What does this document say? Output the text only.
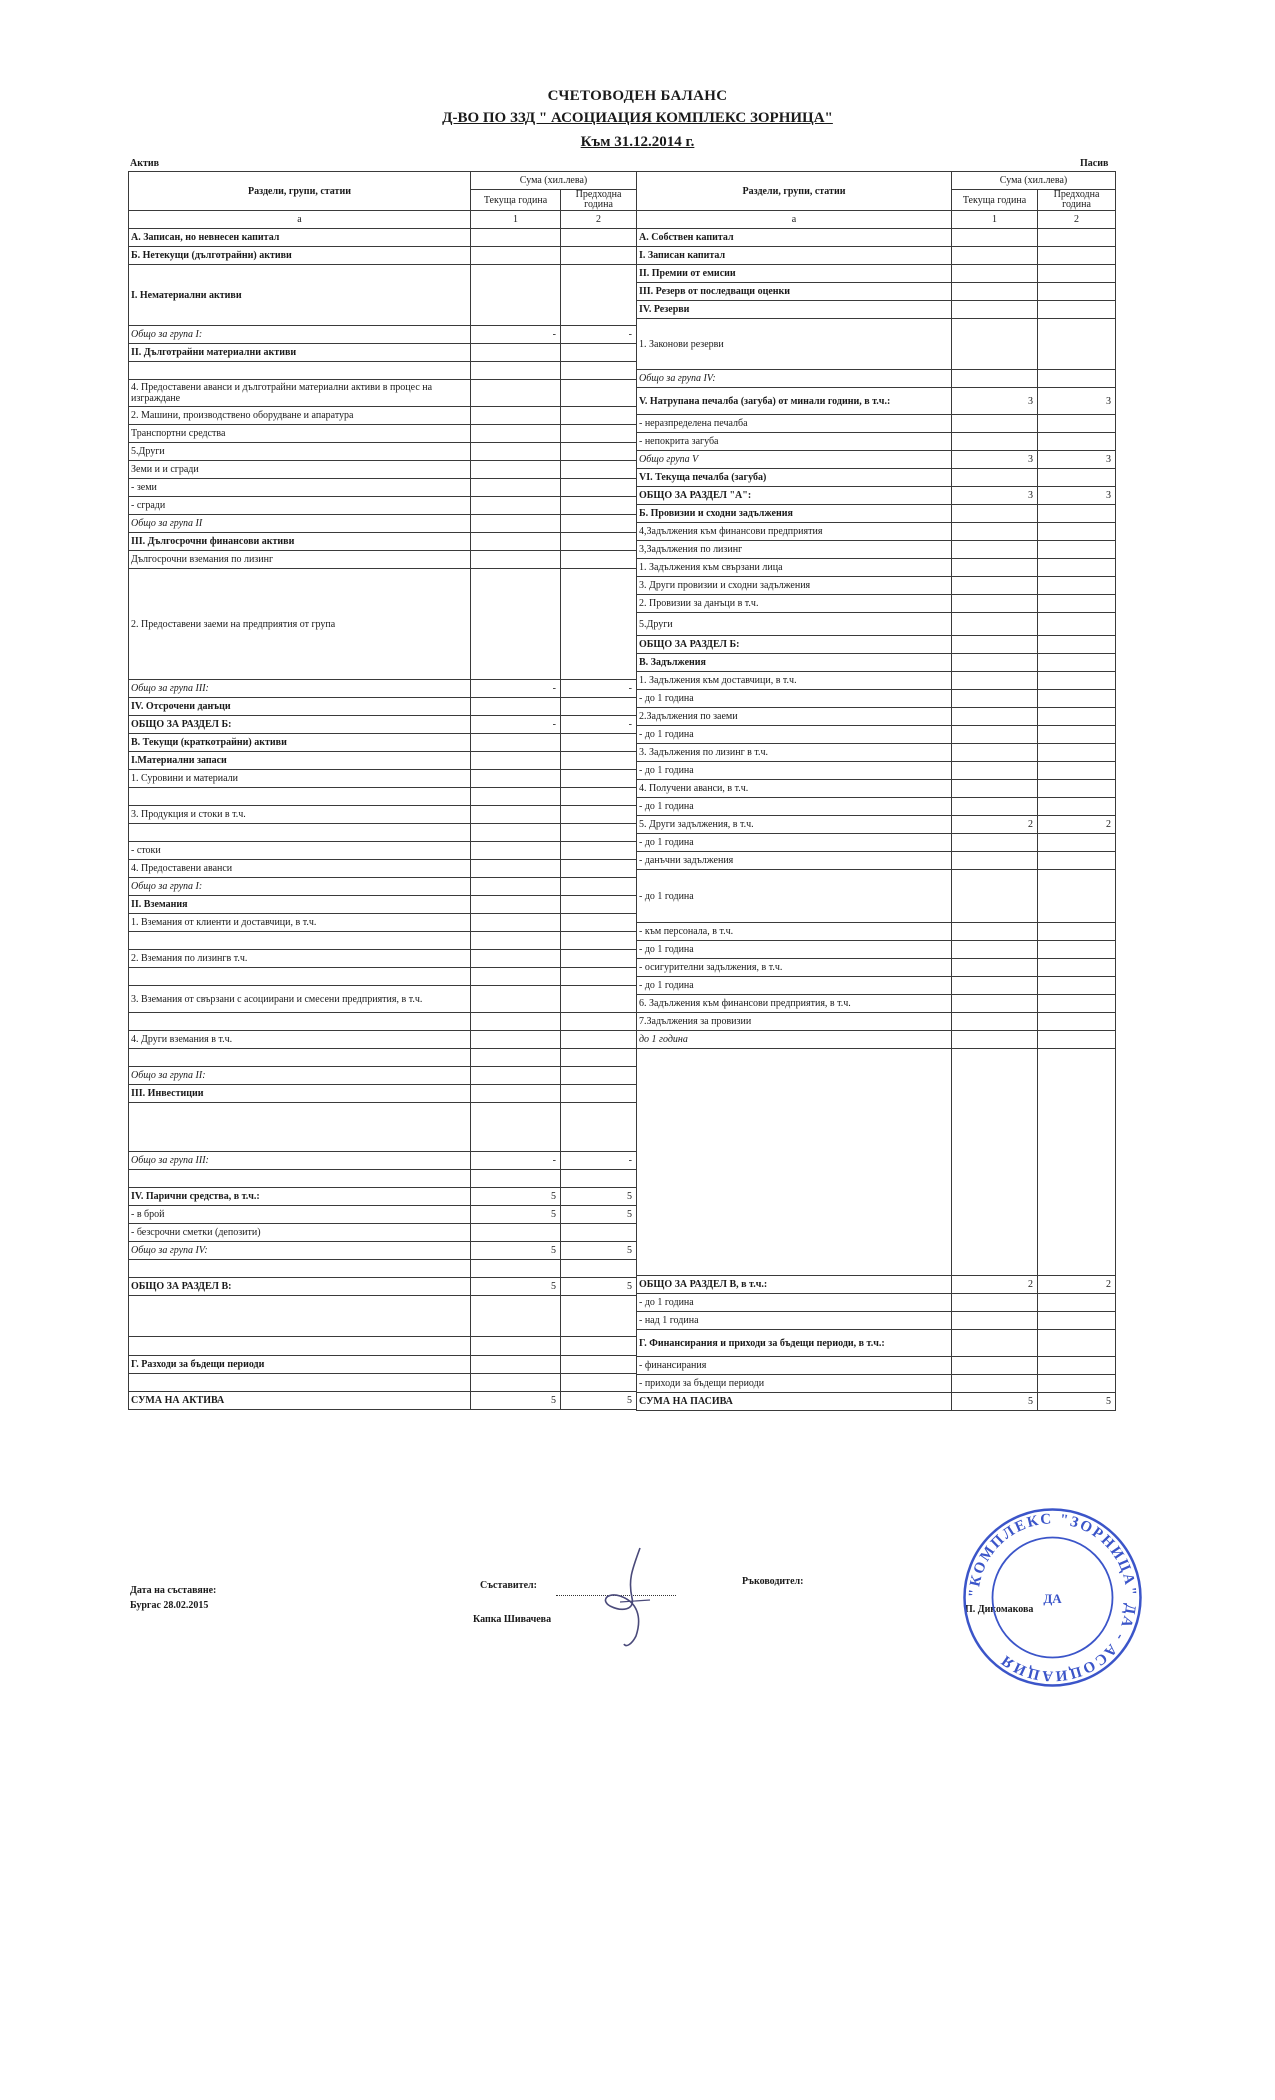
СЧЕТОВОДЕН БАЛАНС
Д-ВО ПО ЗЗД " АСОЦИАЦИЯ КОМПЛЕКС ЗОРНИЦА"
Към 31.12.2014 г.
Актив	Пасив
Раздели, групи, статии	Сума (хил.лева)	
	Текуща година	Предходна година
а	1	2
А. Записан, но невнесен капитал		
Б. Нетекущи (дълготрайни) активи		
I. Нематериални активи		
Общо за група I:	-	-
II. Дълготрайни материални активи		

4. Предоставени аванси и дълготрайни материални активи в процес на изграждане		
2. Машини, производствено оборудване и апаратура		
Транспортни средства		
5.Други		
Земи и и сгради		
- земи		
- сгради		
Общо за група II		
III. Дългосрочни финансови активи		
Дългосрочни вземания по лизинг		
2. Предоставени заеми на предприятия от група		
Общо за група III:	-	-
IV. Отсрочени данъци		
ОБЩО ЗА РАЗДЕЛ Б:	-	-
В. Текущи (краткотрайни) активи		
I.Материални запаси		
1. Суровини и материали		

3. Продукция и стоки в т.ч.		

- стоки		
4. Предоставени аванси		
Общо за група I:		
II. Вземания		
1. Вземания от клиенти и доставчици, в т.ч.		

2. Вземания по лизингв т.ч.		

3. Вземания от свързани с асоциирани и смесени предприятия, в т.ч.		

4. Други вземания в т.ч.		

Общо за група II:		
III. Инвестиции		

Общо за група III:	-	-

IV. Парични средства, в т.ч.:	5	5
- в брой	5	5
- безсрочни сметки (депозити)		
Общо за група IV:	5	5

ОБЩО ЗА РАЗДЕЛ В:	5	5

Г. Разходи за бъдещи периоди		

СУМА НА АКТИВА	5	5
Раздели, групи, статии	Сума (хил.лева)	
	Текуща година	Предходна година
а	1	2
А. Собствен капитал		
I. Записан капитал		
II. Премии от емисии		
III. Резерв от последващи оценки		
IV. Резерви		
1. Законови резерви		
Общо за група IV:		
V. Натрупана печалба (загуба) от минали години, в т.ч.:	3	3
- неразпределена печалба		
- непокрита загуба		
Общо група V	3	3
VI. Текуща печалба (загуба)		
ОБЩО ЗА РАЗДЕЛ "А":	3	3
Б. Провизии и сходни задължения		
4,Задължения към финансови предприятия		
3,Задължения по лизинг		
1. Задължения към свързани лица		
3. Други провизии и сходни задължения		
2. Провизии за данъци в т.ч.		
5.Други		
ОБЩО ЗА РАЗДЕЛ Б:		
В. Задължения		
1. Задължения към доставчици, в т.ч.		
- до 1 година		
2.Задължения по заеми		
- до 1 година		
3. Задължения по лизинг в т.ч.		
- до 1 година		
4. Получени аванси, в т.ч.		
- до 1 година		
5. Други задължения, в т.ч.	2	2
- до 1 година		
- данъчни задължения		
- до 1 година		
- към персонала, в т.ч.		
- до 1 година		
- осигурителни задължения, в т.ч.		
- до 1 година		
6. Задължения към финансови предприятия, в т.ч.		
7.Задължения за провизии		
до 1 година		

ОБЩО ЗА РАЗДЕЛ В, в т.ч.:	2	2
- до 1 година		
- над 1 година		
Г. Финансирания и приходи за бъдещи периоди, в т.ч.:		
- финансирания		
- приходи за бъдещи периоди		
СУМА НА ПАСИВА	5	5
Дата на съставяне:
Бургас 28.02.2015
Съставител:
Капка Шивачева
Ръководител:
П. Дикомакова
"КОМПЛЕКС "ЗОРНИЦА" ДА - АСОЦИАЦИЯ
ДА
